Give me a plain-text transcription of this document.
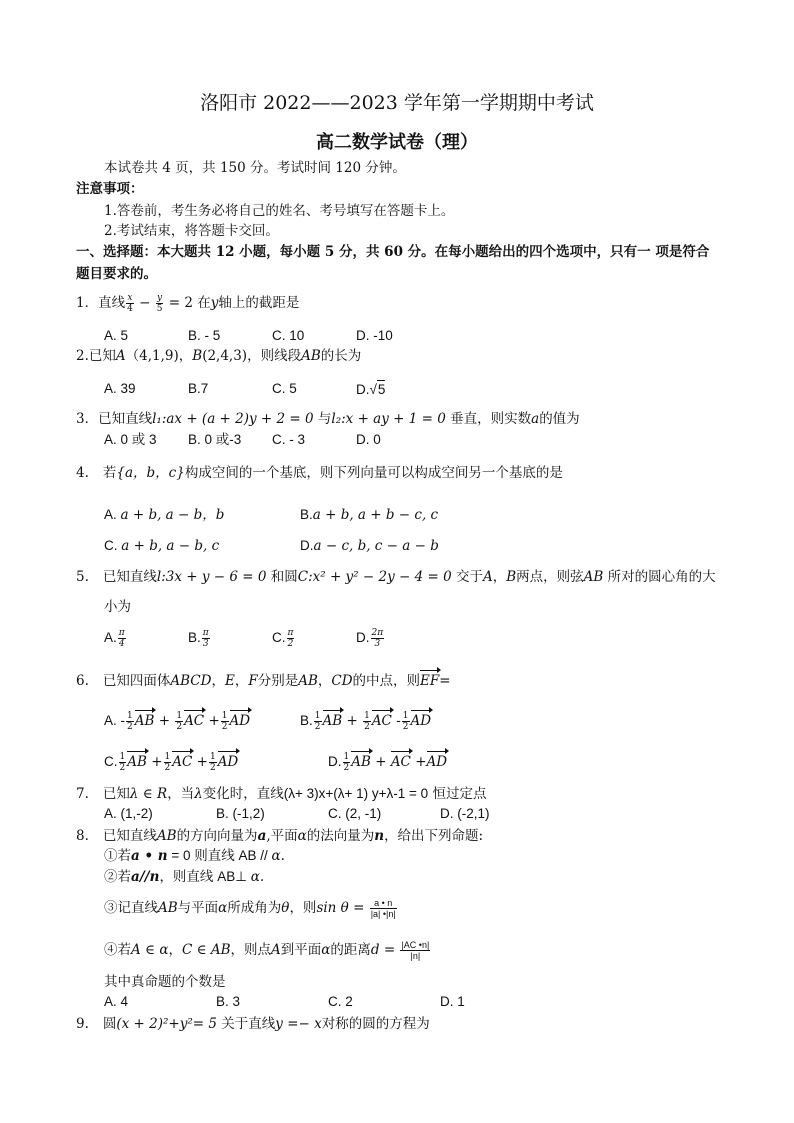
洛阳市 2022——2023 学年第一学期期中考试
高二数学试卷（理）
本试卷共 4 页，共 150 分。考试时间 120 分钟。
注意事项：
1.答卷前，考生务必将自己的姓名、考号填写在答题卡上。
2.考试结束，将答题卡交回。
一、选择题：本大题共 12 小题，每小题 5 分，共 60 分。在每小题给出的四个选项中，只有一 项是符合
题目要求的。
1．直线 $\frac{x}{4} - \frac{y}{5} = 2$ 在y轴上的截距是
A. 5	B. - 5	C. 10	D. -10
2.已知A（4,1,9)，B(2,4,3)，则线段AB的长为
A. 39	B.7	C. 5	D.√5
3．已知直线l₁:ax + (a + 2)y + 2 = 0 与l₂:x + ay + 1 = 0 垂直，则实数a的值为
A. 0 或 3 B. 0 或-3 C. - 3	D. 0
4. 若{a，b，c}构成空间的一个基底，则下列向量可以构成空间另一个基底的是
A. a + b, a − b，b	B.a + b, a + b − c, c
C. a + b, a − b, c	D.a − c, b, c − a − b
5. 已知直线l:3x + y − 6 = 0 和圆C:x² + y² − 2y − 4 = 0 交于A，B两点，则弦AB 所对的圆心角的大
小为
A. $\frac{\pi}{4}$	B. $\frac{\pi}{3}$	C. $\frac{\pi}{2}$	D. $\frac{2\pi}{3}$
6. 已知四面体ABCD，E，F分别是AB，CD的中点，则EF=
A. - $\frac{1}{2}$ AB + $\frac{1}{2}$ AC + $\frac{1}{2}$ AD	B. $\frac{1}{2}$ AB + $\frac{1}{2}$ AC - $\frac{1}{2}$ AD
C. $\frac{1}{2}$ AB + $\frac{1}{2}$ AC + $\frac{1}{2}$ AD	D. $\frac{1}{2}$ AB + AC +AD
7. 已知λ ∈ R，当λ变化时，直线(λ+ 3)x+(λ+ 1) y+λ-1 = 0 恒过定点
A. (1,-2)	B. (-1,2)	C. (2, -1)	D. (-2,1)
8. 已知直线AB的方向向量为a,平面α的法向量为n，给出下列命题:
①若a • n = 0 则直线 AB // α.
②若a//n，则直线 AB⊥ α.
③记直线AB与平面α所成角为θ，则$\sin \theta = \frac{a • n}{|a| •|n|}$
④若A ∈ α，C ∈ AB，则点A到平面α的距离$d = \frac{|AC •n|}{|n|}$
其中真命题的个数是
A. 4	B. 3	C. 2	D. 1
9. 圆(x + 2)²+y²= 5 关于直线y =− x对称的圆的方程为
